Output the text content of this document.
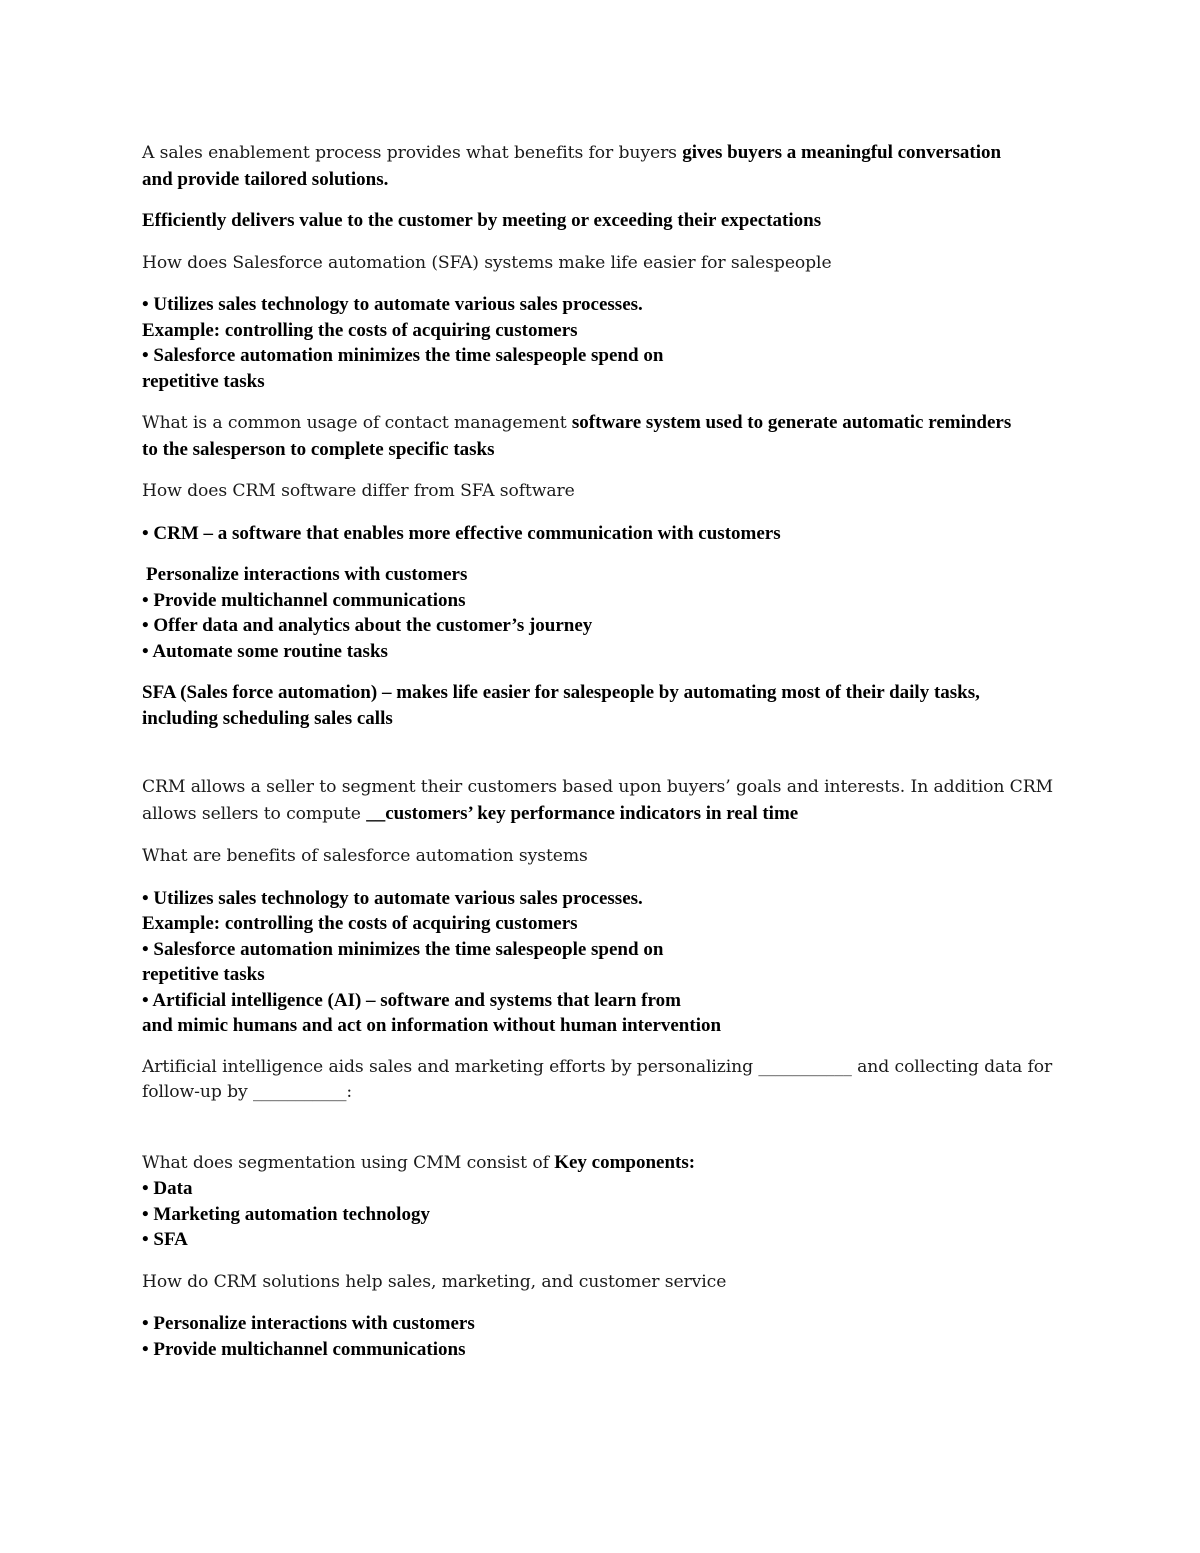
A sales enablement process provides what benefits for buyers gives buyers a meaningful conversation
and provide tailored solutions.

Efficiently delivers value to the customer by meeting or exceeding their expectations

How does Salesforce automation (SFA) systems make life easier for salespeople

• Utilizes sales technology to automate various sales processes.
Example: controlling the costs of acquiring customers
• Salesforce automation minimizes the time salespeople spend on
repetitive tasks

What is a common usage of contact management software system used to generate automatic reminders
to the salesperson to complete specific tasks

How does CRM software differ from SFA software

• CRM – a software that enables more effective communication with customers

Personalize interactions with customers
• Provide multichannel communications
• Offer data and analytics about the customer’s journey
• Automate some routine tasks

SFA (Sales force automation) – makes life easier for salespeople by automating most of their daily tasks,
including scheduling sales calls

CRM allows a seller to segment their customers based upon buyers’ goals and interests. In addition CRM
allows sellers to compute __customers’ key performance indicators in real time

What are benefits of salesforce automation systems

• Utilizes sales technology to automate various sales processes.
Example: controlling the costs of acquiring customers
• Salesforce automation minimizes the time salespeople spend on
repetitive tasks
• Artificial intelligence (AI) – software and systems that learn from
and mimic humans and act on information without human intervention

Artificial intelligence aids sales and marketing efforts by personalizing ___________ and collecting data for
follow-up by ___________:

What does segmentation using CMM consist of Key components:
• Data
• Marketing automation technology
• SFA

How do CRM solutions help sales, marketing, and customer service

• Personalize interactions with customers
• Provide multichannel communications
